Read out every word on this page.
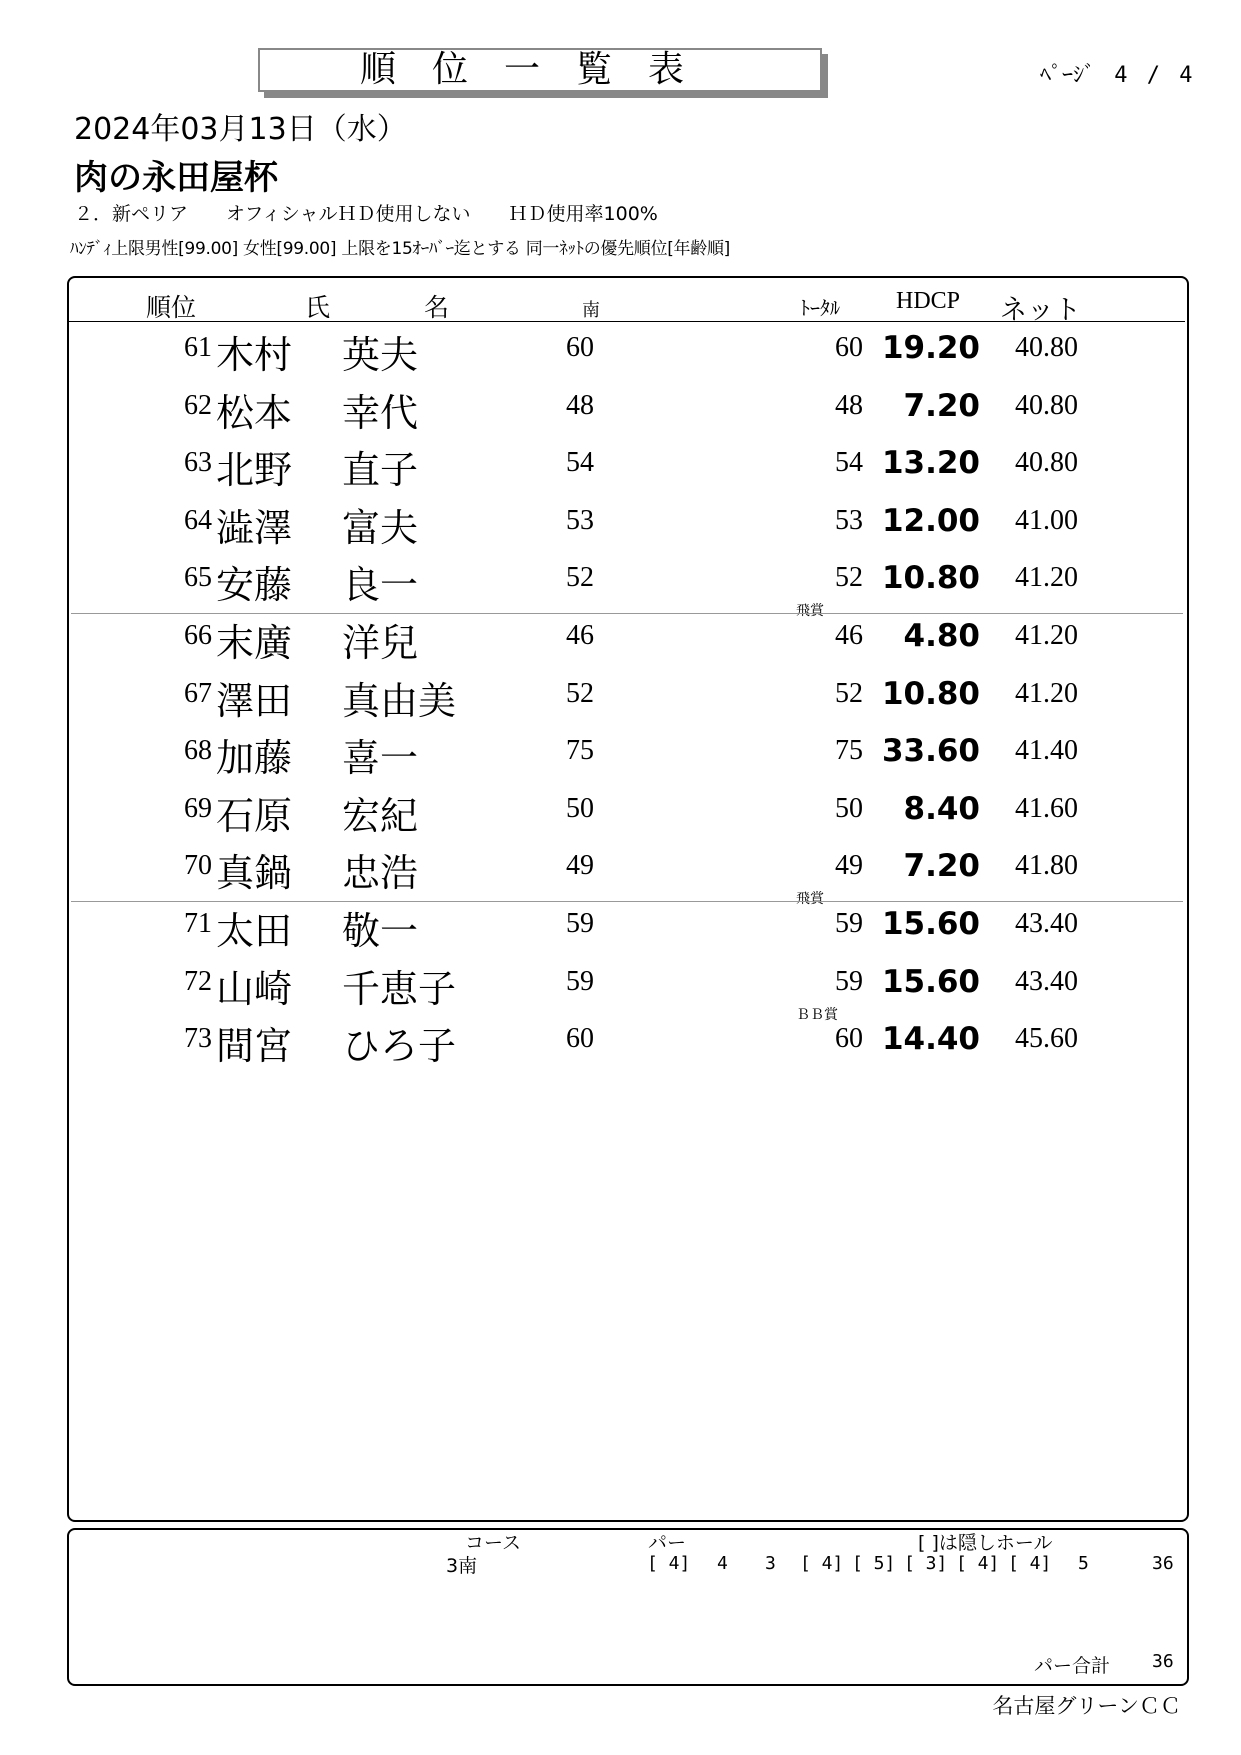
順位一覧表	ﾍﾟｰｼﾞ 4 / 4
2024年03月13日（水）
肉の永田屋杯
２．新ペリア　　オフィシャルＨＤ使用しない　　ＨＤ使用率100%
ﾊﾝﾃﾞｨ上限男性[99.00] 女性[99.00] 上限を15ｵｰﾊﾞｰ迄とする 同一ﾈｯﾄの優先順位[年齢順]
順位	氏	名	南	ﾄｰﾀﾙ HDCP ネット
61 木村 英夫	60	60 19.20 40.80
62 松本 幸代	48	48	7.20 40.80
63 北野 直子	54	54 13.20 40.80
64 澁澤 富夫	53	53 12.00 41.00
65 安藤 良一	52	52 10.80 41.20
飛賞
66 末廣 洋兒	46	46	4.80 41.20
67 澤田 真由美	52	52 10.80 41.20
68 加藤 喜一	75	75 33.60 41.40
69 石原 宏紀	50	50	8.40 41.60
70 真鍋 忠浩	49	49	7.20 41.80
飛賞
71 太田 敬一	59	59 15.60 43.40
72 山崎 千恵子	59	59 15.60 43.40
ＢＢ賞
73 間宮 ひろ子	60	60 14.40 45.60
コース	パー	[ ]は隠しホール
3南	[ 4] 4 3 [ 4] [ 5] [ 3] [ 4] [ 4] 5	36
パー合計 36
名古屋グリーンＣＣ
